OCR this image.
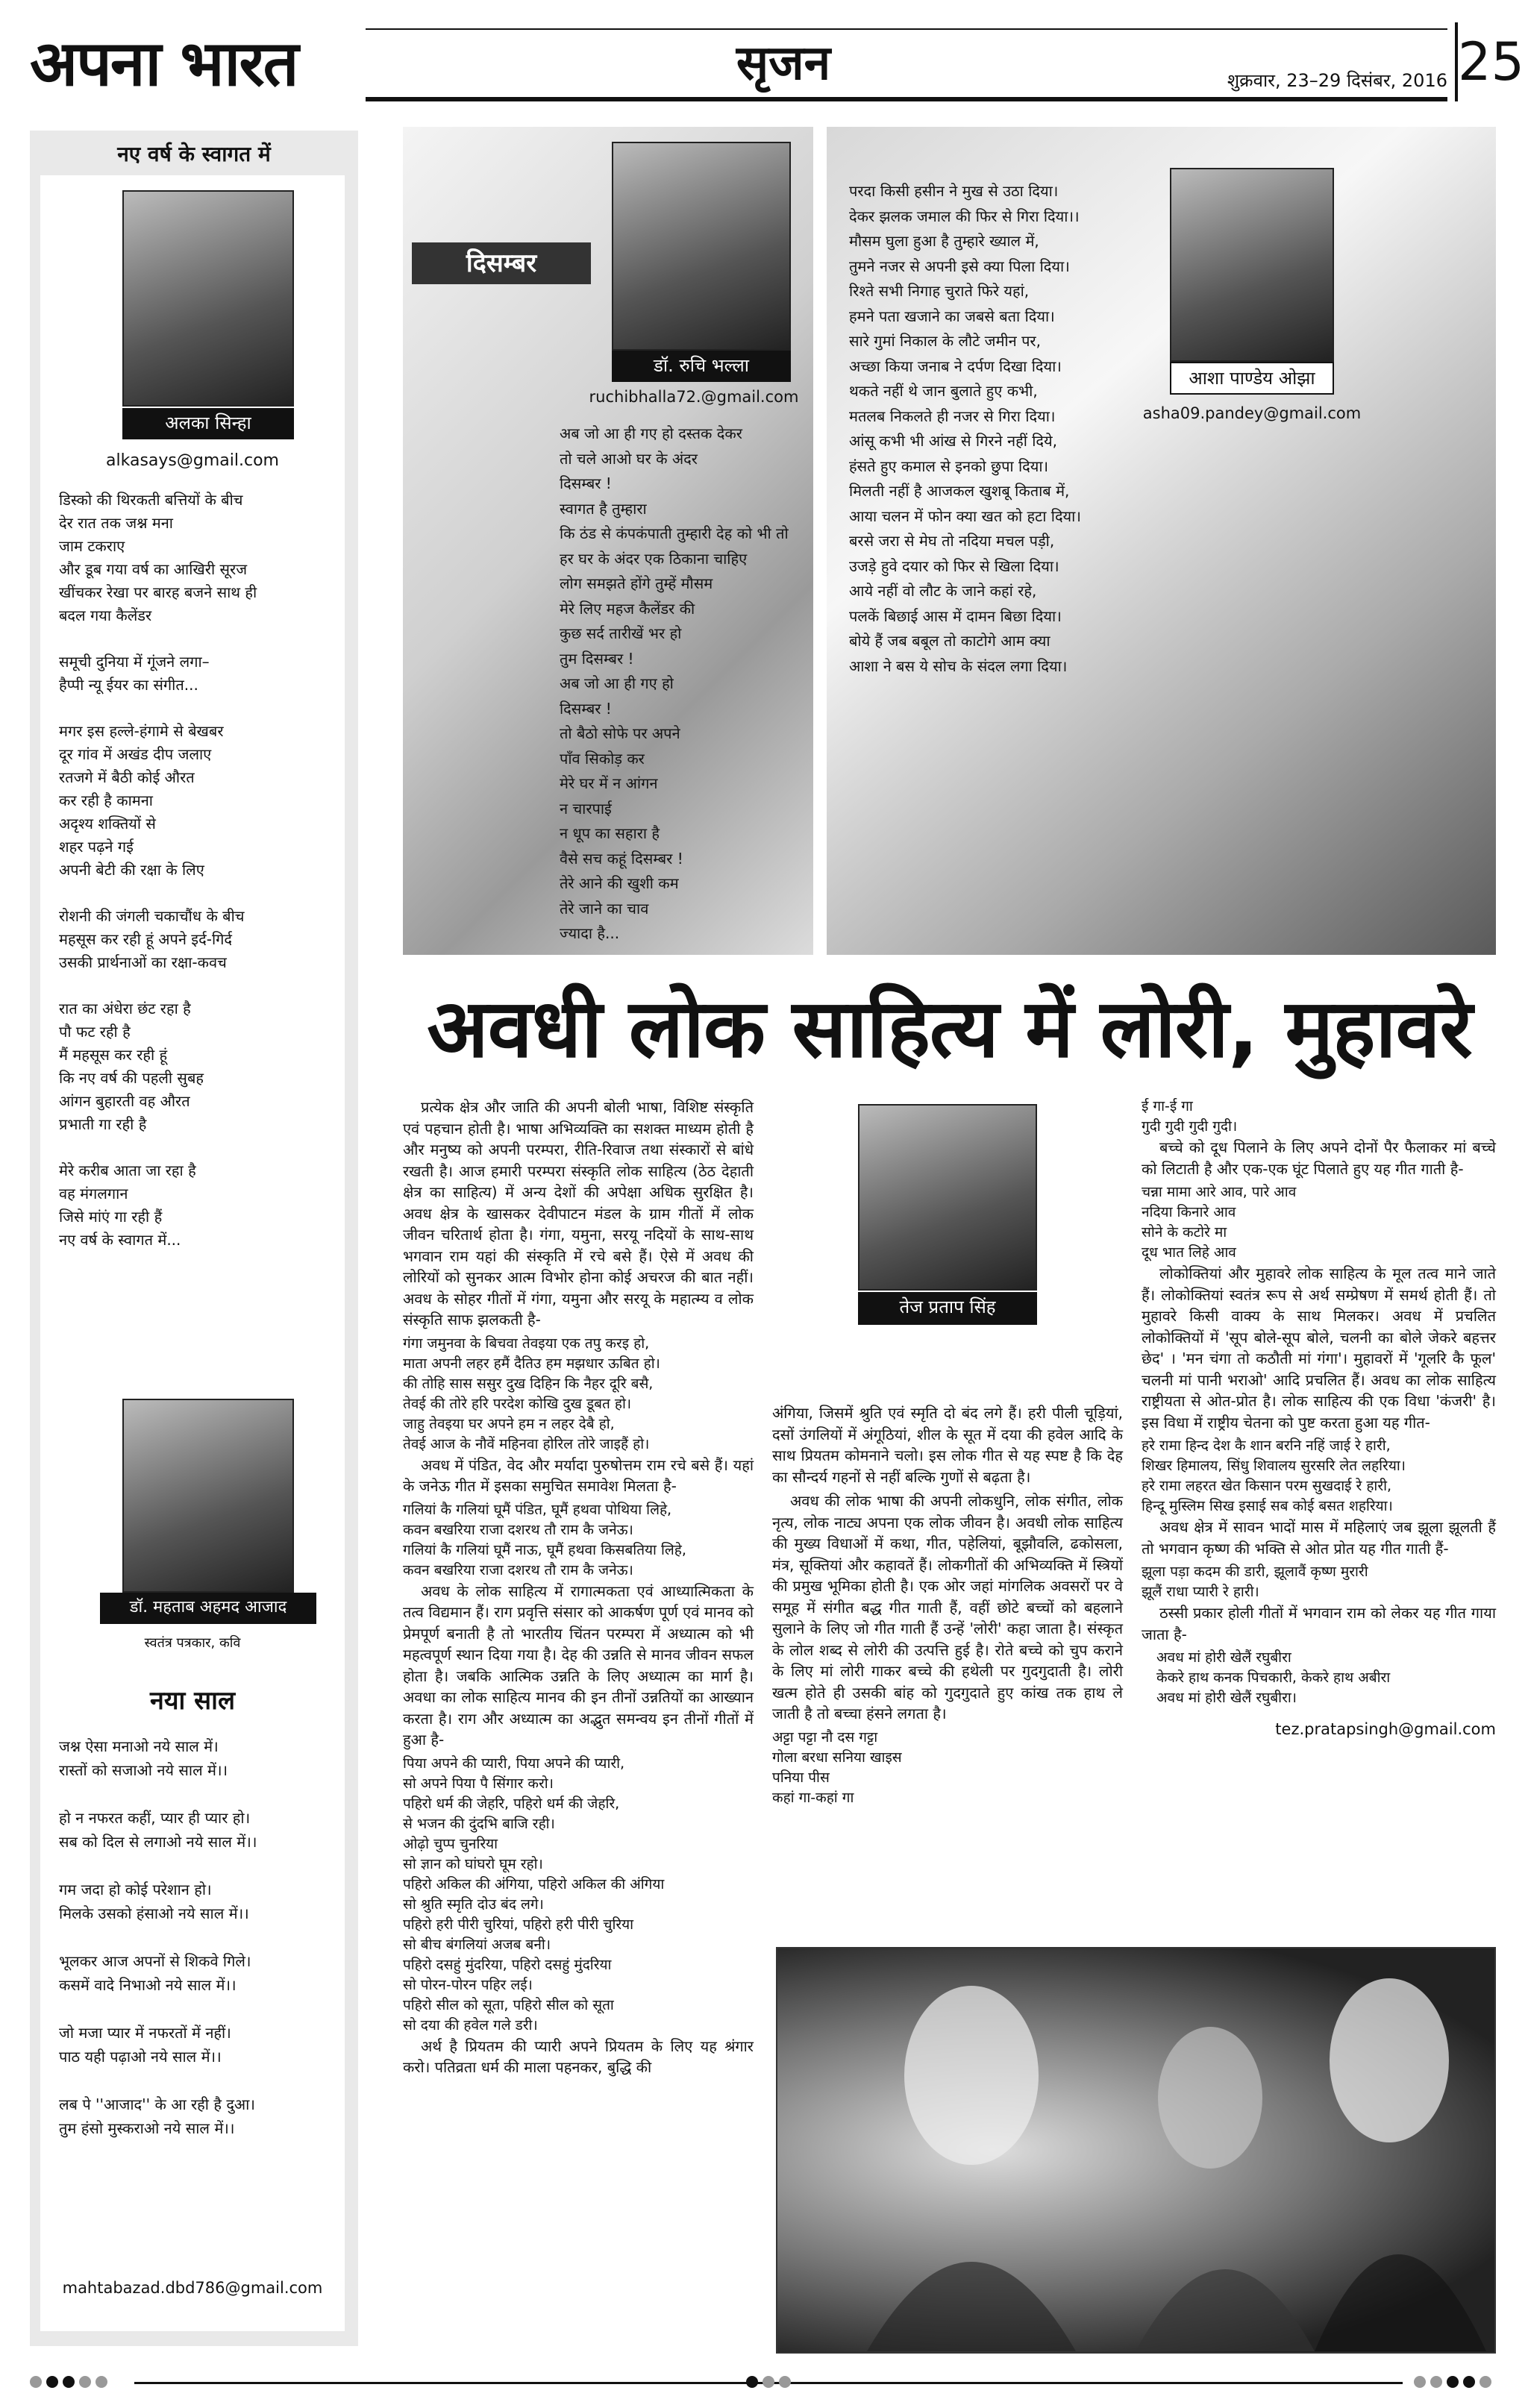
अपना भारत	सृजन	शुक्रवार, 23–29 दिसंबर, 2016 25
नए वर्ष के स्वागत में
अलका सिन्हा
alkasays@gmail.com
डिस्को की थिरकती बत्तियों के बीच
देर रात तक जश्न मना
जाम टकराए
और डूब गया वर्ष का आखिरी सूरज
खींचकर रेखा पर बारह बजने साथ ही
बदल गया कैलेंडर

समूची दुनिया में गूंजने लगा–
हैप्पी न्यू ईयर का संगीत...

मगर इस हल्ले-हंगामे से बेखबर
दूर गांव में अखंड दीप जलाए
रतजगे में बैठी कोई औरत
कर रही है कामना
अदृश्य शक्तियों से
शहर पढ़ने गई
अपनी बेटी की रक्षा के लिए

रोशनी की जंगली चकाचौंध के बीच
महसूस कर रही हूं अपने इर्द-गिर्द
उसकी प्रार्थनाओं का रक्षा-कवच

रात का अंधेरा छंट रहा है
पौ फट रही है
मैं महसूस कर रही हूं
कि नए वर्ष की पहली सुबह
आंगन बुहारती वह औरत
प्रभाती गा रही है

मेरे करीब आता जा रहा है
वह मंगलगान
जिसे मांएं गा रही हैं
नए वर्ष के स्वागत में...
डॉ. महताब अहमद आजाद
स्वतंत्र पत्रकार, कवि
नया साल
जश्न ऐसा मनाओ नये साल में।
रास्तों को सजाओ नये साल में।।

हो न नफरत कहीं, प्यार ही प्यार हो।
सब को दिल से लगाओ नये साल में।।

गम जदा हो कोई परेशान हो।
मिलके उसको हंसाओ नये साल में।।

भूलकर आज अपनों से शिकवे गिले।
कसमें वादे निभाओ नये साल में।।

जो मजा प्यार में नफरतों में नहीं।
पाठ यही पढ़ाओ नये साल में।।

लब पे ''आजाद'' के आ रही है दुआ।
तुम हंसो मुस्कराओ नये साल में।।
mahtabazad.dbd786@gmail.com
दिसम्बर
डॉ. रुचि भल्ला
ruchibhalla72.@gmail.com
अब जो आ ही गए हो दस्तक देकर
तो चले आओ घर के अंदर
दिसम्बर !
स्वागत है तुम्हारा
कि ठंड से कंपकंपाती तुम्हारी देह को भी तो
हर घर के अंदर एक ठिकाना चाहिए
लोग समझते होंगे तुम्हें मौसम
मेरे लिए महज कैलेंडर की
कुछ सर्द तारीखें भर हो
तुम दिसम्बर !
अब जो आ ही गए हो
दिसम्बर !
तो बैठो सोफे पर अपने
पाँव सिकोड़ कर
मेरे घर में न आंगन
न चारपाई
न धूप का सहारा है
वैसे सच कहूं दिसम्बर !
तेरे आने की खुशी कम
तेरे जाने का चाव
ज्यादा है...
परदा किसी हसीन ने मुख से उठा दिया।
देकर झलक जमाल की फिर से गिरा दिया।।
मौसम घुला हुआ है तुम्हारे ख्याल में,
तुमने नजर से अपनी इसे क्या पिला दिया।
रिश्ते सभी निगाह चुराते फिरे यहां,
हमने पता खजाने का जबसे बता दिया।
सारे गुमां निकाल के लौटे जमीन पर,
अच्छा किया जनाब ने दर्पण दिखा दिया।
थकते नहीं थे जान बुलाते हुए कभी,
मतलब निकलते ही नजर से गिरा दिया।
आंसू कभी भी आंख से गिरने नहीं दिये,
हंसते हुए कमाल से इनको छुपा दिया।
मिलती नहीं है आजकल खुशबू किताब में,
आया चलन में फोन क्या खत को हटा दिया।
बरसे जरा से मेघ तो नदिया मचल पड़ी,
उजड़े हुवे दयार को फिर से खिला दिया।
आये नहीं वो लौट के जाने कहां रहे,
पलकें बिछाई आस में दामन बिछा दिया।
बोये हैं जब बबूल तो काटोगे आम क्या
आशा ने बस ये सोच के संदल लगा दिया।
आशा पाण्डेय ओझा
asha09.pandey@gmail.com
अवधी लोक साहित्य में लोरी, मुहावरे

प्रत्येक क्षेत्र और जाति की अपनी बोली भाषा, विशिष्ट संस्कृति एवं पहचान होती है। भाषा अभिव्यक्ति का सशक्त माध्यम होती है और मनुष्य को अपनी परम्परा, रीति-रिवाज तथा संस्कारों से बांधे रखती है। आज हमारी परम्परा संस्कृति लोक साहित्य (ठेठ देहाती क्षेत्र का साहित्य) में अन्य देशों की अपेक्षा अधिक सुरक्षित है। अवध क्षेत्र के खासकर देवीपाटन मंडल के ग्राम गीतों में लोक जीवन चरितार्थ होता है। गंगा, यमुना, सरयू नदियों के साथ-साथ भगवान राम यहां की संस्कृति में रचे बसे हैं। ऐसे में अवध की लोरियों को सुनकर आत्म विभोर होना कोई अचरज की बात नहीं। अवध के सोहर गीतों में गंगा, यमुना और सरयू के महात्म्य व लोक संस्कृति साफ झलकती है-

गंगा जमुनवा के बिचवा तेवइया एक तपु करइ हो,
माता अपनी लहर हमैं दैतिउ हम मझधार ऊबित हो।
की तोहि सास ससुर दुख दिहिन कि नैहर दूरि बसै,
तेवई की तोरे हरि परदेश कोखि दुख डूबत हो।
जाहु तेवइया घर अपने हम न लहर देबै हो,
तेवई आज के नौवें महिनवा होरिल तोरे जाइहैं हो।

अवध में पंडित, वेद और मर्यादा पुरुषोत्तम राम रचे बसे हैं। यहां के जनेऊ गीत में इसका समुचित समावेश मिलता है-

गलियां कै गलियां घूमैं पंडित, घूमैं हथवा पोथिया लिहे,
कवन बखरिया राजा दशरथ तौ राम कै जनेऊ।
गलियां कै गलियां घूमैं नाऊ, घूमैं हथवा किसबतिया लिहे,
कवन बखरिया राजा दशरथ तौ राम कै जनेऊ।

अवध के लोक साहित्य में रागात्मकता एवं आध्यात्मिकता के तत्व विद्यमान हैं। राग प्रवृत्ति संसार को आकर्षण पूर्ण एवं मानव को प्रेमपूर्ण बनाती है तो भारतीय चिंतन परम्परा में अध्यात्म को भी महत्वपूर्ण स्थान दिया गया है। देह की उन्नति से मानव जीवन सफल होता है। जबकि आत्मिक उन्नति के लिए अध्यात्म का मार्ग है। अवधा का लोक साहित्य मानव की इन तीनों उन्नतियों का आख्यान करता है। राग और अध्यात्म का अद्भुत समन्वय इन तीनों गीतों में हुआ है-

पिया अपने की प्यारी, पिया अपने की प्यारी,
सो अपने पिया पै सिंगार करो।
पहिरो धर्म की जेहरि, पहिरो धर्म की जेहरि,
से भजन की दुंदभि बाजि रही।
ओढ़ो चुप्प चुनरिया
सो ज्ञान को घांघरो घूम रहो।
पहिरो अकिल की अंगिया, पहिरो अकिल की अंगिया
सो श्रुति स्मृति दोउ बंद लगे।
पहिरो हरी पीरी चुरियां, पहिरो हरी पीरी चुरिया
सो बीच बंगलियां अजब बनी।
पहिरो दसहुं मुंदरिया, पहिरो दसहुं मुंदरिया
सो पोरन-पोरन पहिर लई।
पहिरो सील को सूता, पहिरो सील को सूता
सो दया की हवेल गले डरी।

अर्थ है प्रियतम की प्यारी अपने प्रियतम के लिए यह श्रंगार करो। पतिव्रता धर्म की माला पहनकर, बुद्धि की

तेज प्रताप सिंह

अंगिया, जिसमें श्रुति एवं स्मृति दो बंद लगे हैं। हरी पीली चूड़ियां, दसों उंगलियों में अंगूठियां, शील के सूत में दया की हवेल आदि के साथ प्रियतम कोमनाने चलो। इस लोक गीत से यह स्पष्ट है कि देह का सौन्दर्य गहनों से नहीं बल्कि गुणों से बढ़ता है।

अवध की लोक भाषा की अपनी लोकधुनि, लोक संगीत, लोक नृत्य, लोक नाट्य अपना एक लोक जीवन है। अवधी लोक साहित्य की मुख्य विधाओं में कथा, गीत, पहेलियां, बूझौवलि, ढकोसला, मंत्र, सूक्तियां और कहावतें हैं। लोकगीतों की अभिव्यक्ति में स्त्रियों की प्रमुख भूमिका होती है। एक ओर जहां मांगलिक अवसरों पर वे समूह में संगीत बद्ध गीत गाती हैं, वहीं छोटे बच्चों को बहलाने सुलाने के लिए जो गीत गाती हैं उन्हें 'लोरी' कहा जाता है। संस्कृत के लोल शब्द से लोरी की उत्पत्ति हुई है। रोते बच्चे को चुप कराने के लिए मां लोरी गाकर बच्चे की हथेली पर गुदगुदाती है। लोरी खत्म होते ही उसकी बांह को गुदगुदाते हुए कांख तक हाथ ले जाती है तो बच्चा हंसने लगता है।

अट्टा पट्टा नौ दस गट्टा
गोला बरधा सनिया खाइस
पनिया पीस
कहां गा-कहां गा
ई गा-ई गा
गुदी गुदी गुदी गुदी।

बच्चे को दूध पिलाने के लिए अपने दोनों पैर फैलाकर मां बच्चे को लिटाती है और एक-एक घूंट पिलाते हुए यह गीत गाती है-

चन्ना मामा आरे आव, पारे आव
नदिया किनारे आव
सोने के कटोरे मा
दूध भात लिहे आव

लोकोक्तियां और मुहावरे लोक साहित्य के मूल तत्व माने जाते हैं। लोकोक्तियां स्वतंत्र रूप से अर्थ सम्प्रेषण में समर्थ होती हैं। तो मुहावरे किसी वाक्य के साथ मिलकर। अवध में प्रचलित लोकोक्तियों में 'सूप बोले-सूप बोले, चलनी का बोले जेकरे बहत्तर छेद' । 'मन चंगा तो कठौती मां गंगा'। मुहावरों में 'गूलरि कै फूल' चलनी मां पानी भराओ' आदि प्रचलित हैं। अवध का लोक साहित्य राष्ट्रीयता से ओत-प्रोत है। लोक साहित्य की एक विधा 'कंजरी' है। इस विधा में राष्ट्रीय चेतना को पुष्ट करता हुआ यह गीत-

हरे रामा हिन्द देश कै शान बरनि नहिं जाई रे हारी,
शिखर हिमालय, सिंधु शिवालय सुरसरि लेत लहरिया।
हरे रामा लहरत खेत किसान परम सुखदाई रे हारी,
हिन्दू मुस्लिम सिख इसाई सब कोई बसत शहरिया।

अवध क्षेत्र में सावन भादों मास में महिलाएं जब झूला झूलती हैं तो भगवान कृष्ण की भक्ति से ओत प्रोत यह गीत गाती हैं-

झूला पड़ा कदम की डारी, झूलावैं कृष्ण मुरारी
झूलैं राधा प्यारी रे हारी।

ठस्सी प्रकार होली गीतों में भगवान राम को लेकर यह गीत गाया जाता है-

अवध मां होरी खेलैं रघुबीरा
केकरे हाथ कनक पिचकारी, केकरे हाथ अबीरा
अवध मां होरी खेलैं रघुबीरा।
tez.pratapsingh@gmail.com
